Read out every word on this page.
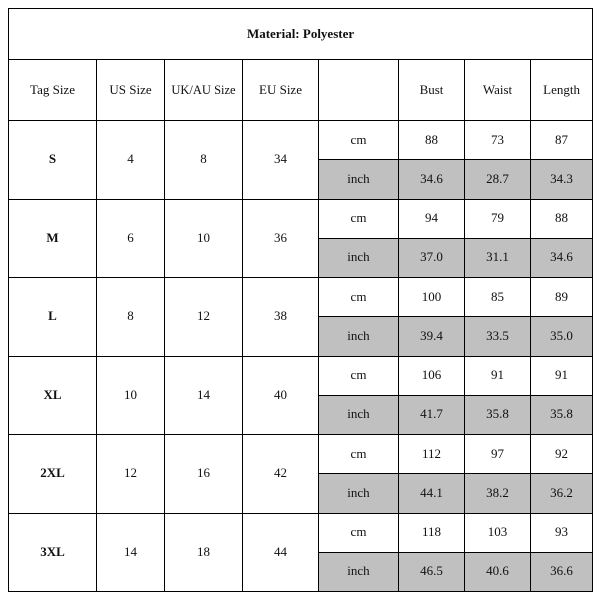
Material: Polyester							
Tag Size	US Size	UK/AU Size	EU Size		Bust	Waist	Length
S	4	8	34	cm	88	73	87
				inch	34.6	28.7	34.3
M	6	10	36	cm	94	79	88
				inch	37.0	31.1	34.6
L	8	12	38	cm	100	85	89
				inch	39.4	33.5	35.0
XL	10	14	40	cm	106	91	91
				inch	41.7	35.8	35.8
2XL	12	16	42	cm	112	97	92
				inch	44.1	38.2	36.2
3XL	14	18	44	cm	118	103	93
				inch	46.5	40.6	36.6
